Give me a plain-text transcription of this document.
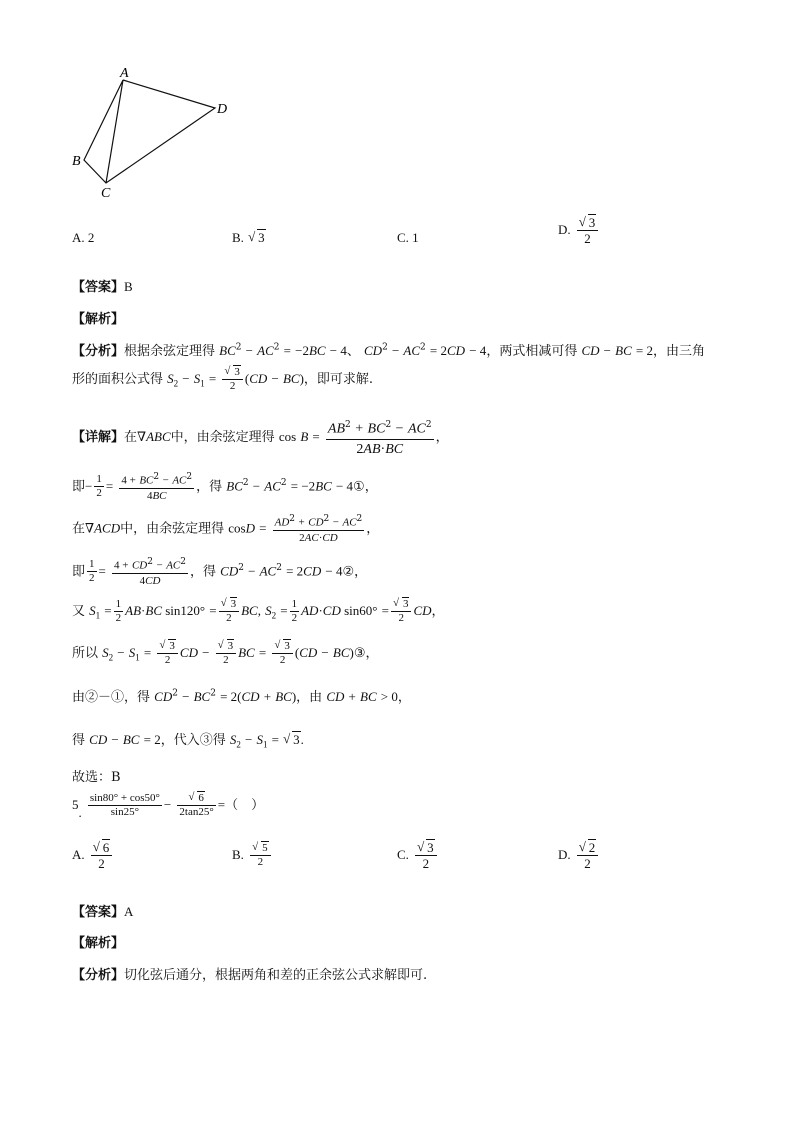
A
D
B
C
A. 2	B. √ 3	C. 1
D. √ $\frac{3}{2}$
【答案】B
【解析】
【分析】根据余弦定理得 $BC^2 - AC^2 = -2BC - 4$、 $CD^2 - AC^2 = 2CD - 4$，两式相减可得 CD − BC = 2，由三角
形的面积公式得 $S_2 - S_1$ = √ $\frac{3}{2} (CD - BC)$，即可求解.
【详解】在∇ABC中，由余弦定理得 $\cos B = \frac{AB^2 + BC^2 - AC^2}{2AB\cdot BC}$ ，
即− $\frac{1}{2} = \frac{4 + BC^2 - AC^2}{4BC}$ ，得 $BC^2 - AC^2 = -2BC$ − 4①，
在∇ACD中，由余弦定理得 $\cos D = \frac{AD^2 + CD^2 - AC^2}{2AC\cdot CD}$ ，
即 $\frac{1}{2} = \frac{4 + CD^2 - AC^2}{4CD}$ ，得 $CD^2 - AC^2 = 2CD$ − 4②，
又 $S_1 = \frac{1}{2} AB\cdot BC$ sin120° = √ $\frac{3}{2}$ BC, $S_2 = \frac{1}{2} AD\cdot CD$ sin60° = √ $\frac{3}{2}$ CD，
所以 $S_2 - S_1$ = √ $\frac{3}{2}$ CD − √ $\frac{3}{2}$ BC = √ $\frac{3}{2} (CD$ − BC)③，
由②－①，得 $CD^2 - BC^2 = 2(CD + BC)$，由 CD + BC > 0，
得 CD − BC = 2，代入③得 $S_2 - S_1$ = √ 3.
故选：B
5. $\frac{\sin 80^\circ + \cos 50^\circ}{\sin 25^\circ}$ − √ $\frac{6}{2\tan 25^\circ}$ =（　）
A. √ $\frac{6}{2}$	B. √ $\frac{5}{2}$	C. √ $\frac{3}{2}$	D. √ $\frac{2}{2}$
【答案】A
【解析】
【分析】切化弦后通分，根据两角和差的正余弦公式求解即可.
